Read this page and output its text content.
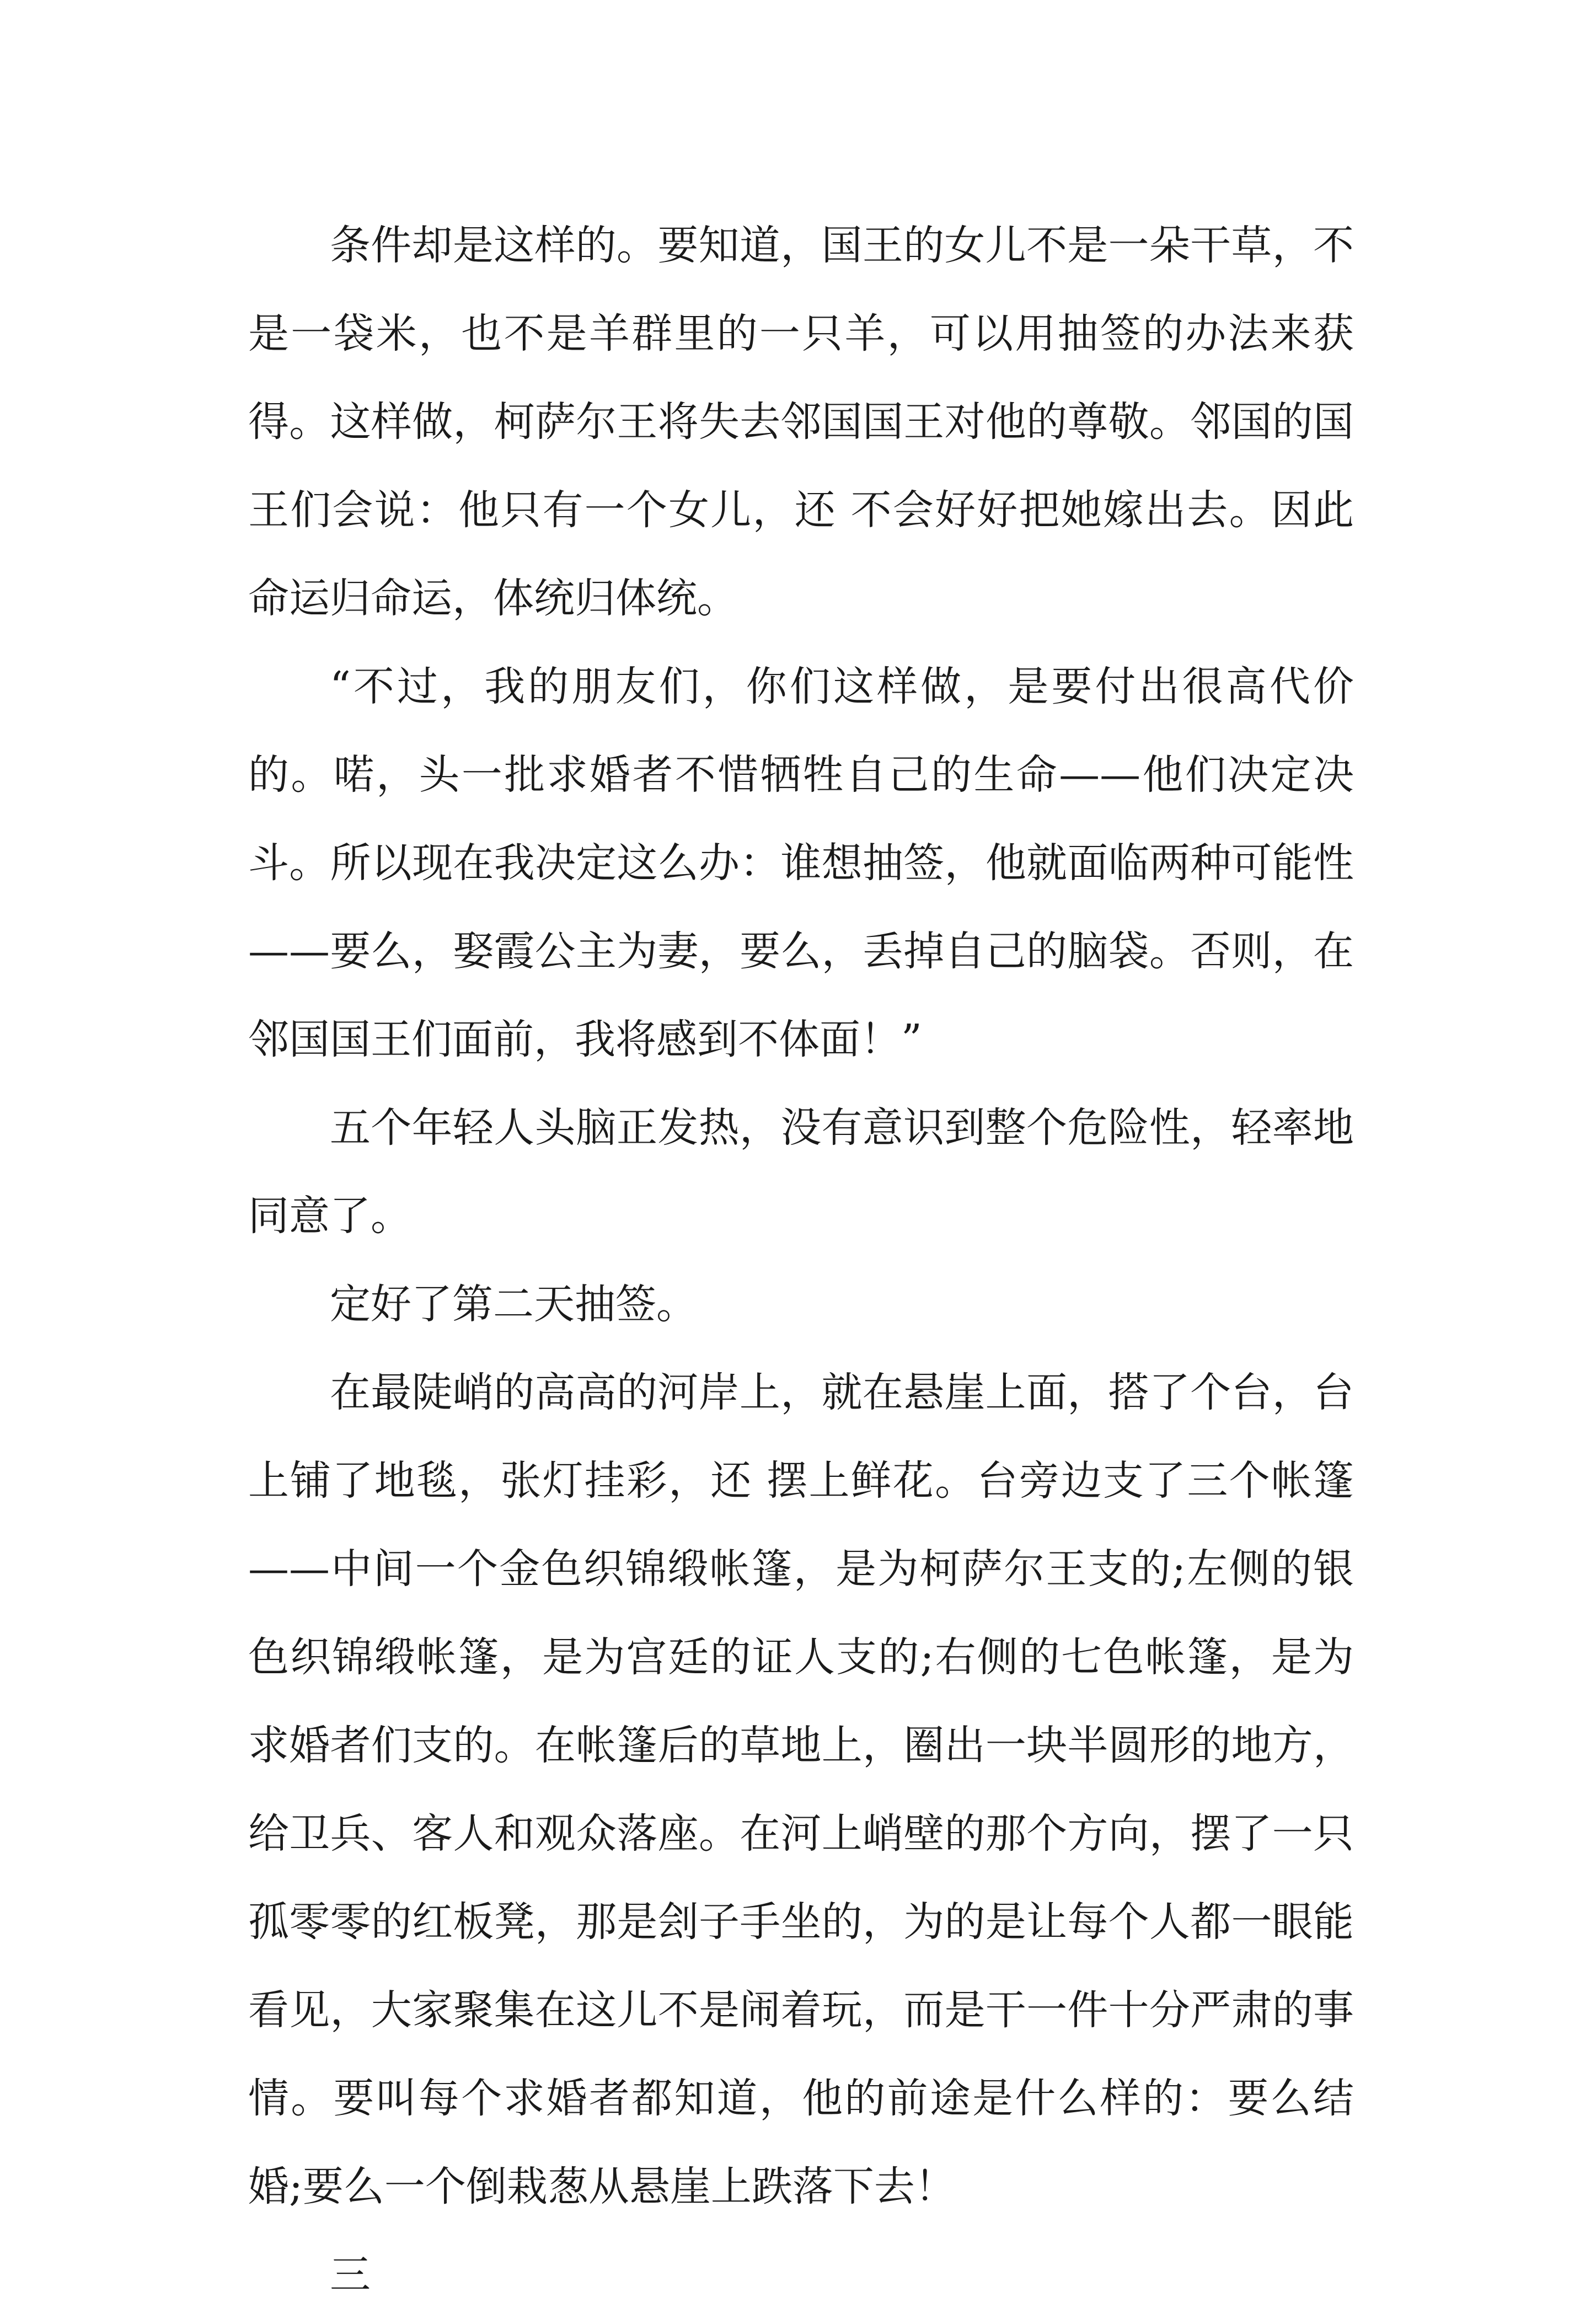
条件却是这样的。要知道，国王的女儿不是一朵干草，不是一袋米，也不是羊群里的一只羊，可以用抽签的办法来获得。这样做，柯萨尔王将失去邻国国王对他的尊敬。邻国的国王们会说：他只有一个女儿，还 不会好好把她嫁出去。因此命运归命运，体统归体统。

“不过，我的朋友们，你们这样做，是要付出很高代价的。喏，头一批求婚者不惜牺牲自己的生命——他们决定决斗。所以现在我决定这么办：谁想抽签，他就面临两种可能性——要么，娶霞公主为妻，要么，丢掉自己的脑袋。否则，在邻国国王们面前，我将感到不体面！”

五个年轻人头脑正发热，没有意识到整个危险性，轻率地同意了。

定好了第二天抽签。

在最陡峭的高高的河岸上，就在悬崖上面，搭了个台，台上铺了地毯，张灯挂彩，还 摆上鲜花。台旁边支了三个帐篷——中间一个金色织锦缎帐篷，是为柯萨尔王支的;左侧的银色织锦缎帐篷，是为宫廷的证人支的;右侧的七色帐篷，是为求婚者们支的。在帐篷后的草地上，圈出一块半圆形的地方，给卫兵、客人和观众落座。在河上峭壁的那个方向，摆了一只孤零零的红板凳，那是刽子手坐的，为的是让每个人都一眼能看见，大家聚集在这儿不是闹着玩，而是干一件十分严肃的事情。要叫每个求婚者都知道，他的前途是什么样的：要么结婚;要么一个倒栽葱从悬崖上跌落下去！

三
